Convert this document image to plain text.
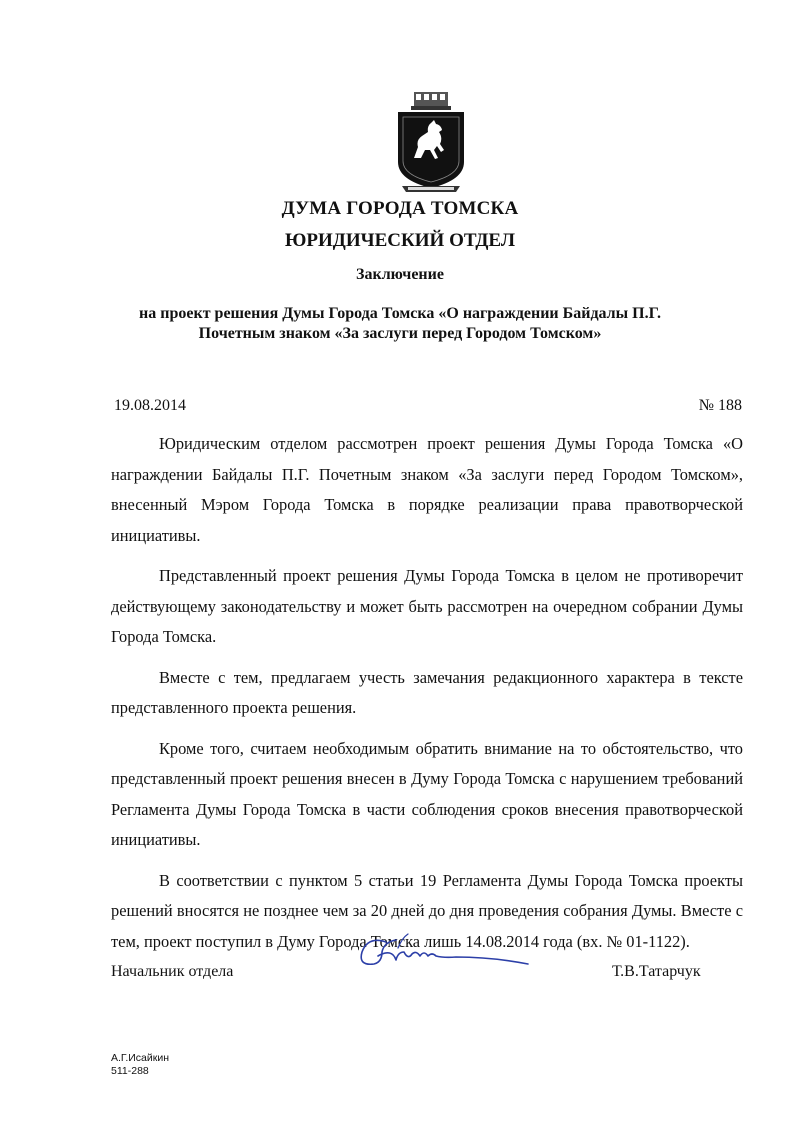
ДУМА ГОРОДА ТОМСКА
ЮРИДИЧЕСКИЙ ОТДЕЛ
Заключение
на проект решения Думы Города Томска «О награждении Байдалы П.Г.
Почетным знаком «За заслуги перед Городом Томском»
19.08.2014	№ 188

Юридическим отделом рассмотрен проект решения Думы Города Томска «О награждении Байдалы П.Г. Почетным знаком «За заслуги перед Городом Томском», внесенный Мэром Города Томска в порядке реализации права правотворческой инициативы.

Представленный проект решения Думы Города Томска в целом не противоречит действующему законодательству и может быть рассмотрен на очередном собрании Думы Города Томска.

Вместе с тем, предлагаем учесть замечания редакционного характера в тексте представленного проекта решения.

Кроме того, считаем необходимым обратить внимание на то обстоятельство, что представленный проект решения внесен в Думу Города Томска с нарушением требований Регламента Думы Города Томска в части соблюдения сроков внесения правотворческой инициативы.

В соответствии с пунктом 5 статьи 19 Регламента Думы Города Томска проекты решений вносятся не позднее чем за 20 дней до дня проведения собрания Думы. Вместе с тем, проект поступил в Думу Города Томска лишь 14.08.2014 года (вх. № 01-1122).

Начальник отдела	Т.В.Татарчук
А.Г.Исайкин
511-288
